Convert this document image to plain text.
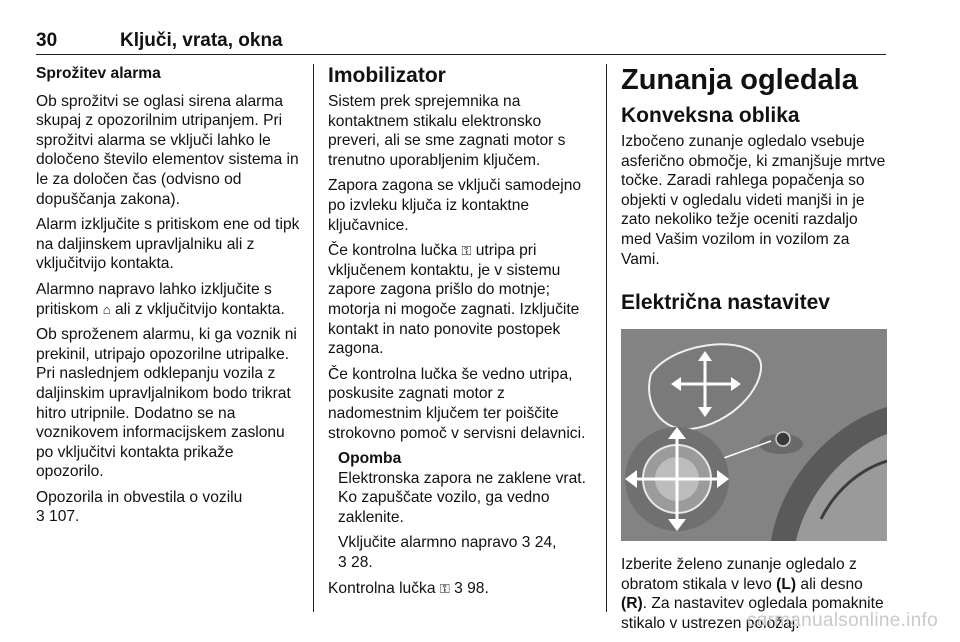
30	Ključi, vrata, okna
Sprožitev alarma

Ob sprožitvi se oglasi sirena alarma skupaj z opozorilnim utripanjem. Pri sprožitvi alarma se vključi lahko le določeno število elementov sistema in le za določen čas (odvisno od dopuščanja zakona).

Alarm izključite s pritiskom ene od tipk na daljinskem upravljalniku ali z vključitvijo kontakta.

Alarmno napravo lahko izključite s pritiskom ⌂ ali z vključitvijo kontakta.

Ob sproženem alarmu, ki ga voznik ni prekinil, utripajo opozorilne utripalke. Pri naslednjem odklepanju vozila z daljinskim upravljalnikom bodo trikrat hitro utripnile. Dodatno se na voznikovem informacijskem zaslonu po vključitvi kontakta prikaže opozorilo.

Opozorila in obvestila o vozilu
3 107.

Imobilizator

Sistem prek sprejemnika na kontaktnem stikalu elektronsko preveri, ali se sme zagnati motor s trenutno uporabljenim ključem.

Zapora zagona se vključi samodejno po izvleku ključa iz kontaktne ključavnice.

Če kontrolna lučka ⚿ utripa pri vključenem kontaktu, je v sistemu zapore zagona prišlo do motnje; motorja ni mogoče zagnati. Izključite kontakt in nato ponovite postopek zagona.

Če kontrolna lučka še vedno utripa, poskusite zagnati motor z nadomestnim ključem ter poiščite strokovno pomoč v servisni delavnici.

Opomba

Elektronska zapora ne zaklene vrat. Ko zapuščate vozilo, ga vedno zaklenite.

Vključite alarmno napravo 3 24,
3 28.

Kontrolna lučka ⚿ 3 98.

Zunanja ogledala
Konveksna oblika

Izbočeno zunanje ogledalo vsebuje asferično območje, ki zmanjšuje mrtve točke. Zaradi rahlega popačenja so objekti v ogledalu videti manjši in je zato nekoliko težje oceniti razdaljo med Vašim vozilom in vozilom za Vami.

Električna nastavitev

Izberite želeno zunanje ogledalo z obratom stikala v levo (L) ali desno (R). Za nastavitev ogledala pomaknite stikalo v ustrezen položaj.

carmanualsonline.info
